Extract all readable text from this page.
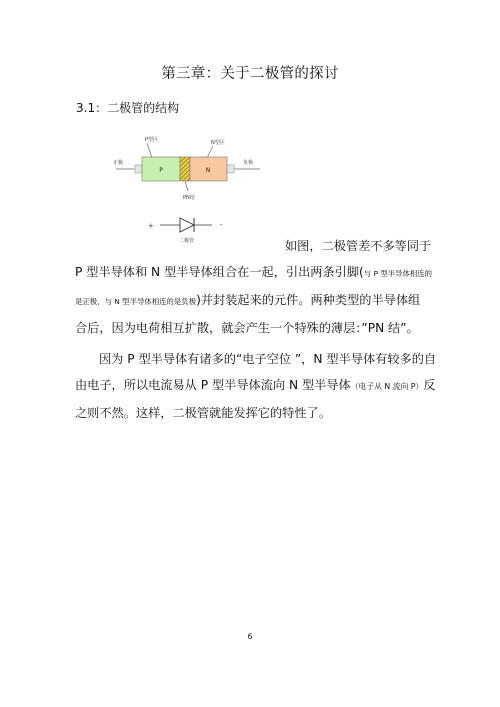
第三章：关于二极管的探讨
3.1：二极管的结构
P型区	N型区
正极	负极
P	N
PN结
+	-
二极管	如图，二极管差不多等同于
P 型半导体和 N 型半导体组合在一起，引出两条引脚(与 P 型半导体相连的
是正极，与 N 型半导体相连的是负极)并封装起来的元件。两种类型的半导体组
合后，因为电荷相互扩散，就会产生一个特殊的薄层：”PN 结”。
因为 P 型半导体有诸多的“电子空位 ”，N 型半导体有较多的自
由电子，所以电流易从 P 型半导体流向 N 型半导体（电子从 N 流向 P）反
之则不然。这样，二极管就能发挥它的特性了。
6
